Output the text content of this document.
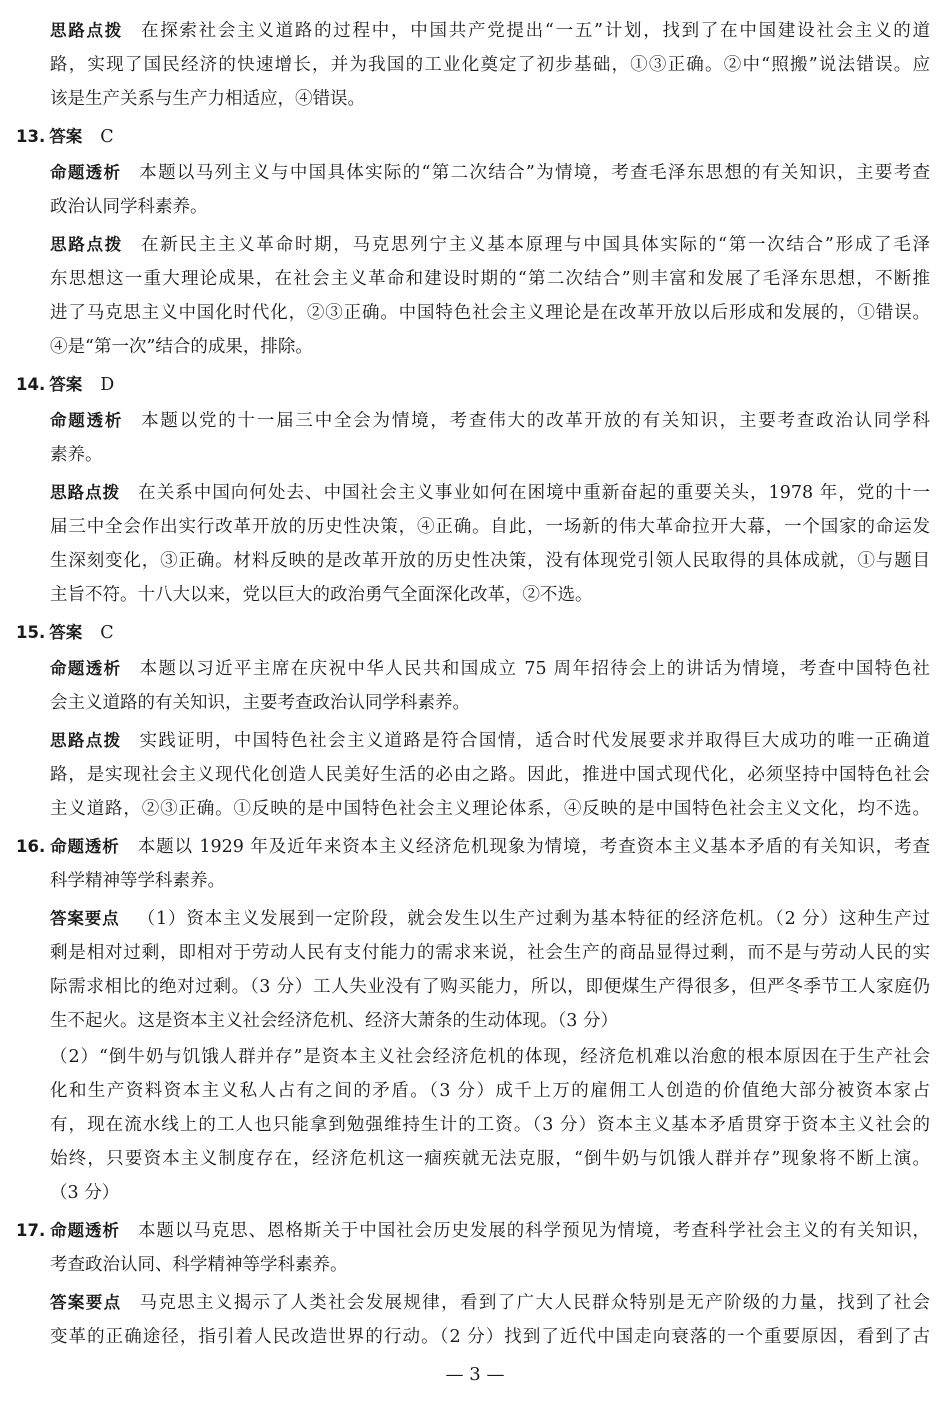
思路点拨 在探索社会主义道路的过程中，中国共产党提出“一五”计划，找到了在中国建设社会主义的道
路，实现了国民经济的快速增长，并为我国的工业化奠定了初步基础，①③正确。②中“照搬”说法错误。应
该是生产关系与生产力相适应，④错误。
13. 答案 C
命题透析 本题以马列主义与中国具体实际的“第二次结合”为情境，考查毛泽东思想的有关知识，主要考查
政治认同学科素养。
思路点拨 在新民主主义革命时期，马克思列宁主义基本原理与中国具体实际的“第一次结合”形成了毛泽
东思想这一重大理论成果，在社会主义革命和建设时期的“第二次结合”则丰富和发展了毛泽东思想，不断推
进了马克思主义中国化时代化，②③正确。中国特色社会主义理论是在改革开放以后形成和发展的，①错误。
④是“第一次”结合的成果，排除。
14. 答案 D
命题透析 本题以党的十一届三中全会为情境，考查伟大的改革开放的有关知识，主要考查政治认同学科
素养。
思路点拨 在关系中国向何处去、中国社会主义事业如何在困境中重新奋起的重要关头，1978 年，党的十一
届三中全会作出实行改革开放的历史性决策，④正确。自此，一场新的伟大革命拉开大幕，一个国家的命运发
生深刻变化，③正确。材料反映的是改革开放的历史性决策，没有体现党引领人民取得的具体成就，①与题目
主旨不符。十八大以来，党以巨大的政治勇气全面深化改革，②不选。
15. 答案 C
命题透析 本题以习近平主席在庆祝中华人民共和国成立 75 周年招待会上的讲话为情境，考查中国特色社
会主义道路的有关知识，主要考查政治认同学科素养。
思路点拨 实践证明，中国特色社会主义道路是符合国情，适合时代发展要求并取得巨大成功的唯一正确道
路，是实现社会主义现代化创造人民美好生活的必由之路。因此，推进中国式现代化，必须坚持中国特色社会
主义道路，②③正确。①反映的是中国特色社会主义理论体系，④反映的是中国特色社会主义文化，均不选。
16. 命题透析 本题以 1929 年及近年来资本主义经济危机现象为情境，考查资本主义基本矛盾的有关知识，考查
科学精神等学科素养。
答案要点 （1）资本主义发展到一定阶段，就会发生以生产过剩为基本特征的经济危机。（2 分）这种生产过
剩是相对过剩，即相对于劳动人民有支付能力的需求来说，社会生产的商品显得过剩，而不是与劳动人民的实
际需求相比的绝对过剩。（3 分）工人失业没有了购买能力，所以，即便煤生产得很多，但严冬季节工人家庭仍
生不起火。这是资本主义社会经济危机、经济大萧条的生动体现。（3 分）
（2）“倒牛奶与饥饿人群并存”是资本主义社会经济危机的体现，经济危机难以治愈的根本原因在于生产社会
化和生产资料资本主义私人占有之间的矛盾。（3 分）成千上万的雇佣工人创造的价值绝大部分被资本家占
有，现在流水线上的工人也只能拿到勉强维持生计的工资。（3 分）资本主义基本矛盾贯穿于资本主义社会的
始终，只要资本主义制度存在，经济危机这一痼疾就无法克服，“倒牛奶与饥饿人群并存”现象将不断上演。
（3 分）
17. 命题透析 本题以马克思、恩格斯关于中国社会历史发展的科学预见为情境，考查科学社会主义的有关知识，
考查政治认同、科学精神等学科素养。
答案要点 马克思主义揭示了人类社会发展规律，看到了广大人民群众特别是无产阶级的力量，找到了社会
变革的正确途径，指引着人民改造世界的行动。（2 分）找到了近代中国走向衰落的一个重要原因，看到了古
— 3 —
